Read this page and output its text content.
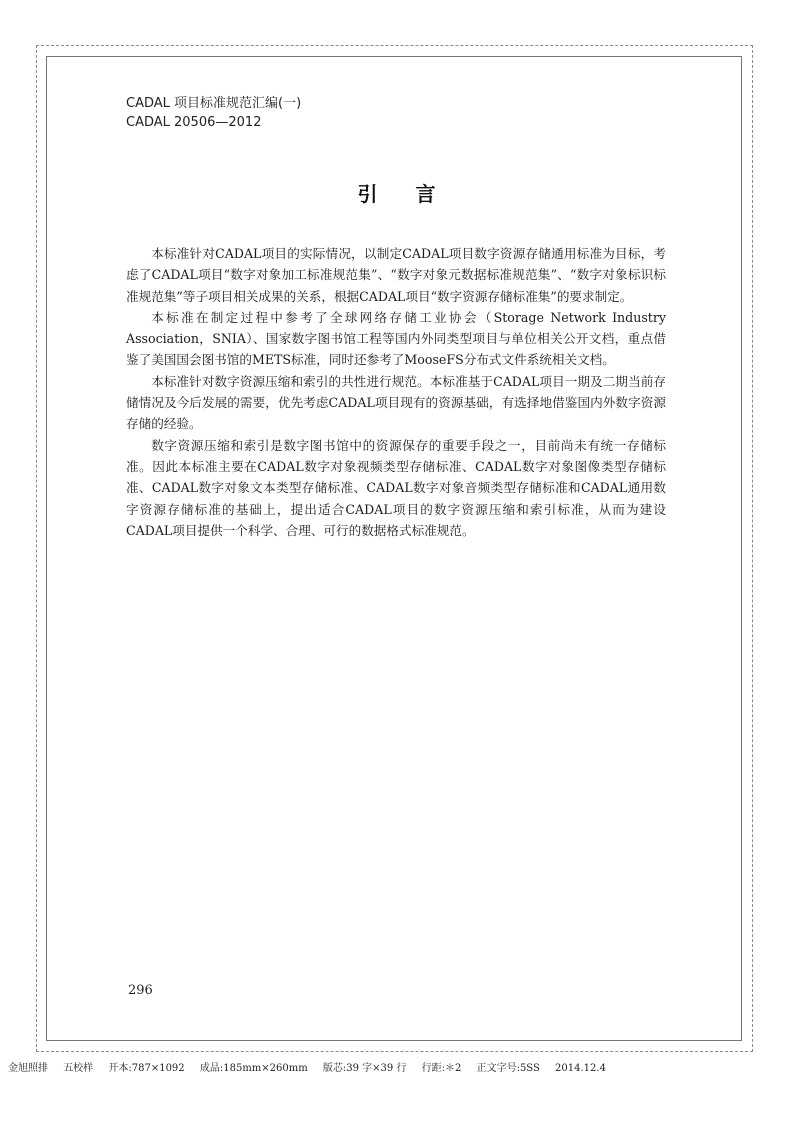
CADAL 项目标准规范汇编(一)
CADAL 20506—2012
引言

本标准针对CADAL项目的实际情况，以制定CADAL项目数字资源存储通用标准为目标，考虑了CADAL项目“数字对象加工标准规范集”、“数字对象元数据标准规范集”、“数字对象标识标准规范集”等子项目相关成果的关系，根据CADAL项目“数字资源存储标准集”的要求制定。

本标准在制定过程中参考了全球网络存储工业协会（Storage Network Industry Association，SNIA）、国家数字图书馆工程等国内外同类型项目与单位相关公开文档，重点借鉴了美国国会图书馆的METS标准，同时还参考了MooseFS分布式文件系统相关文档。

本标准针对数字资源压缩和索引的共性进行规范。本标准基于CADAL项目一期及二期当前存储情况及今后发展的需要，优先考虑CADAL项目现有的资源基础，有选择地借鉴国内外数字资源存储的经验。

数字资源压缩和索引是数字图书馆中的资源保存的重要手段之一，目前尚未有统一存储标准。因此本标准主要在CADAL数字对象视频类型存储标准、CADAL数字对象图像类型存储标准、CADAL数字对象文本类型存储标准、CADAL数字对象音频类型存储标准和CADAL通用数字资源存储标准的基础上，提出适合CADAL项目的数字资源压缩和索引标准，从而为建设CADAL项目提供一个科学、合理、可行的数据格式标准规范。

296
金旭照排 五校样 开本:787×1092 成品:185mm×260mm 版芯:39 字×39 行 行距:＊2 正文字号:5SS 2014.12.4
